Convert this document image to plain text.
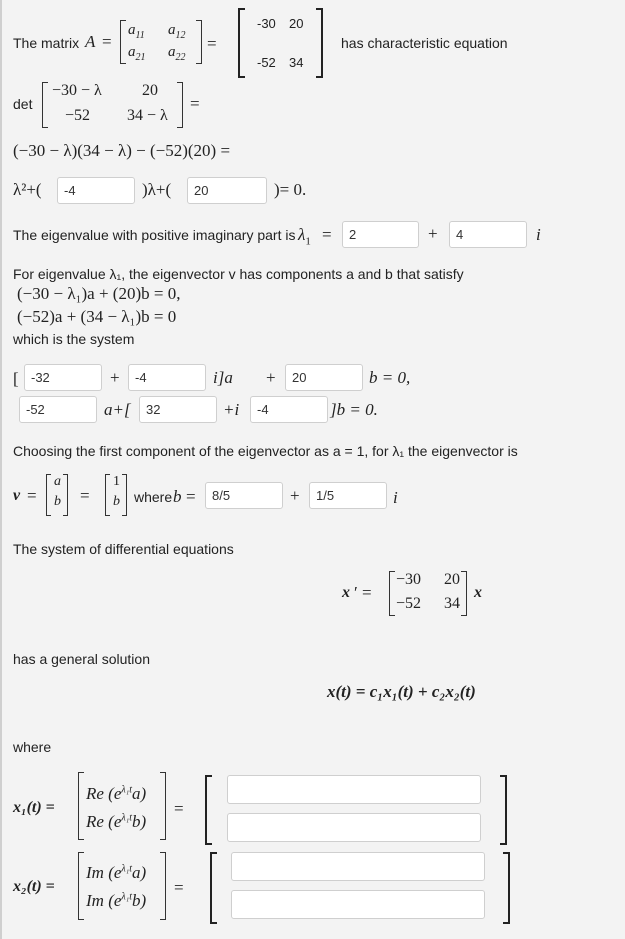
The matrix A =
$a_{11}$ $a_{12}$
$a_{21}$ $a_{22}$
=
-30 20
-52 34
has characteristic equation
det
−30 − λ	20
−52 34 − λ
=
(−30 − λ)(34 − λ) − (−52)(20) =
λ²+(	-4	)λ+(	20	)= 0.
The eigenvalue with positive imaginary part is $\lambda_1$ =	2	+	4	i
For eigenvalue λ₁, the eigenvector v has components a and b that satisfy
(−30 − λ₁)a + (20)b = 0,
(−52)a + (34 − λ₁)b = 0
which is the system
[ -32	+	-4	i]a +	20	b = 0,
-52	a+[	32	+i	-4	]b = 0.
Choosing the first component of the eigenvector as a = 1, for λ₁ the eigenvector is
v =
a
b =
1
b where b =	8/5	+	1/5	i
The system of differential equations
x ′ =
−30 20
−52 34
x
has a general solution
x(t) = c₁x₁(t) + c₂x₂(t)
where
x₁(t) =
Re $(e^{\lambda_1t}a)$
Re $(e^{\lambda_1t}b)$
=
x₂(t) =
Im $(e^{\lambda_1t}a)$
Im $(e^{\lambda_1t}b)$
=
